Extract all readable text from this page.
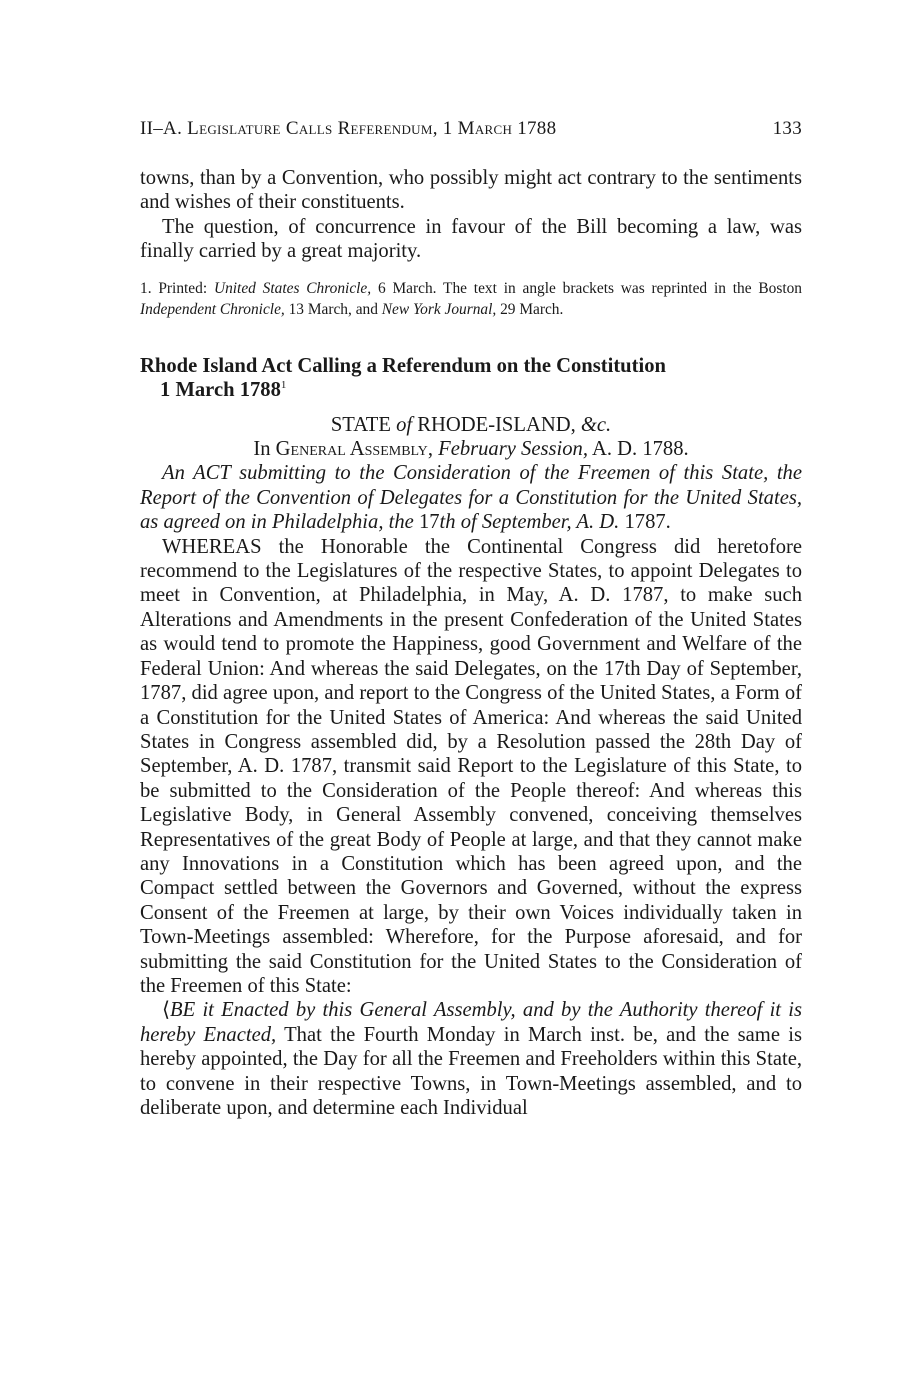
II–A. Legislature Calls Referendum, 1 March 1788	133

towns, than by a Convention, who possibly might act contrary to the sentiments and wishes of their constituents.

The question, of concurrence in favour of the Bill becoming a law, was finally carried by a great majority.

1. Printed: United States Chronicle, 6 March. The text in angle brackets was reprinted in the Boston Independent Chronicle, 13 March, and New York Journal, 29 March.

Rhode Island Act Calling a Referendum on the Constitution
1 March 1788$^1$

STATE of RHODE-ISLAND, &c.

In General Assembly, February Session, A. D. 1788.

An ACT submitting to the Consideration of the Freemen of this State, the Report of the Convention of Delegates for a Constitution for the United States, as agreed on in Philadelphia, the 17th of September, A. D. 1787.

WHEREAS the Honorable the Continental Congress did heretofore recommend to the Legislatures of the respective States, to appoint Delegates to meet in Convention, at Philadelphia, in May, A. D. 1787, to make such Alterations and Amendments in the present Confederation of the United States as would tend to promote the Happiness, good Government and Welfare of the Federal Union: And whereas the said Delegates, on the 17th Day of September, 1787, did agree upon, and report to the Congress of the United States, a Form of a Constitution for the United States of America: And whereas the said United States in Congress assembled did, by a Resolution passed the 28th Day of September, A. D. 1787, transmit said Report to the Legislature of this State, to be submitted to the Consideration of the People thereof: And whereas this Legislative Body, in General Assembly convened, conceiving themselves Representatives of the great Body of People at large, and that they cannot make any Innovations in a Constitution which has been agreed upon, and the Compact settled between the Governors and Governed, without the express Consent of the Freemen at large, by their own Voices individually taken in Town-Meetings assembled: Wherefore, for the Purpose aforesaid, and for submitting the said Constitution for the United States to the Consideration of the Freemen of this State:

⟨BE it Enacted by this General Assembly, and by the Authority thereof it is hereby Enacted, That the Fourth Monday in March inst. be, and the same is hereby appointed, the Day for all the Freemen and Freeholders within this State, to convene in their respective Towns, in Town-Meetings assembled, and to deliberate upon, and determine each Individual
